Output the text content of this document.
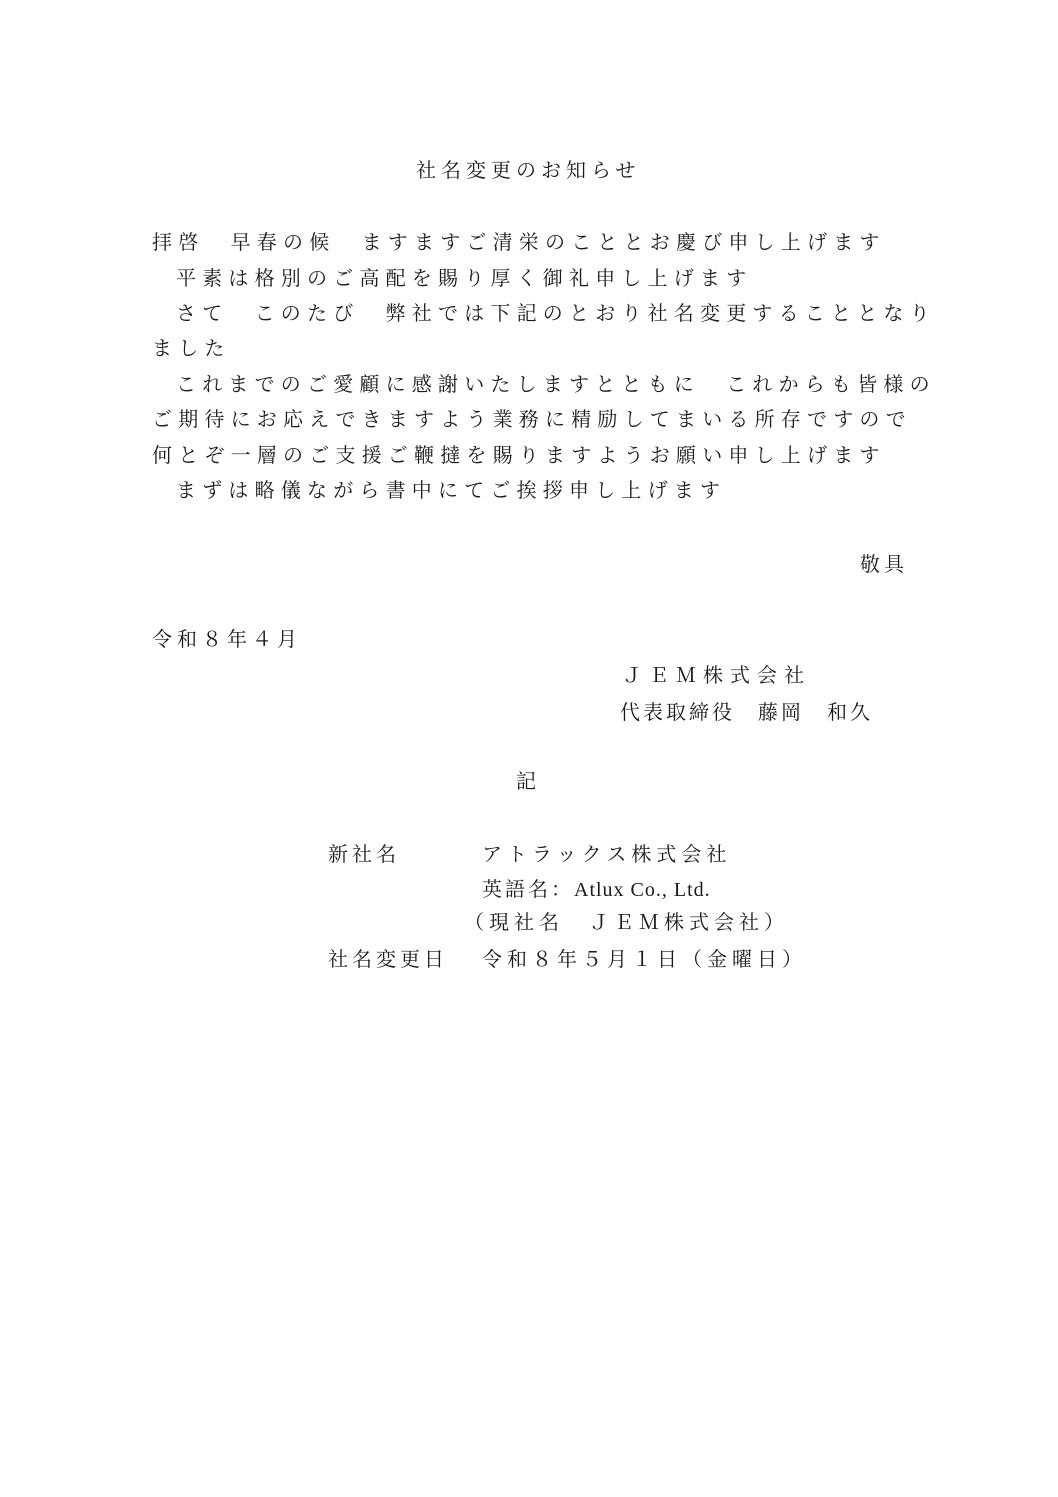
社名変更のお知らせ
拝啓　早春の候　ますますご清栄のこととお慶び申し上げます
平素は格別のご高配を賜り厚く御礼申し上げます
さて　このたび　弊社では下記のとおり社名変更することとなり
ました
これまでのご愛顧に感謝いたしますとともに　これからも皆様の
ご期待にお応えできますよう業務に精励してまいる所存ですので
何とぞ一層のご支援ご鞭撻を賜りますようお願い申し上げます
まずは略儀ながら書中にてご挨拶申し上げます
敬具
令和８年４月
ＪＥＭ株式会社
代表取締役　藤岡　和久
記
新社名	アトラックス株式会社
英語名：Atlux Co., Ltd.
（現社名　ＪＥＭ株式会社）
社名変更日 令和８年５月１日（金曜日）
